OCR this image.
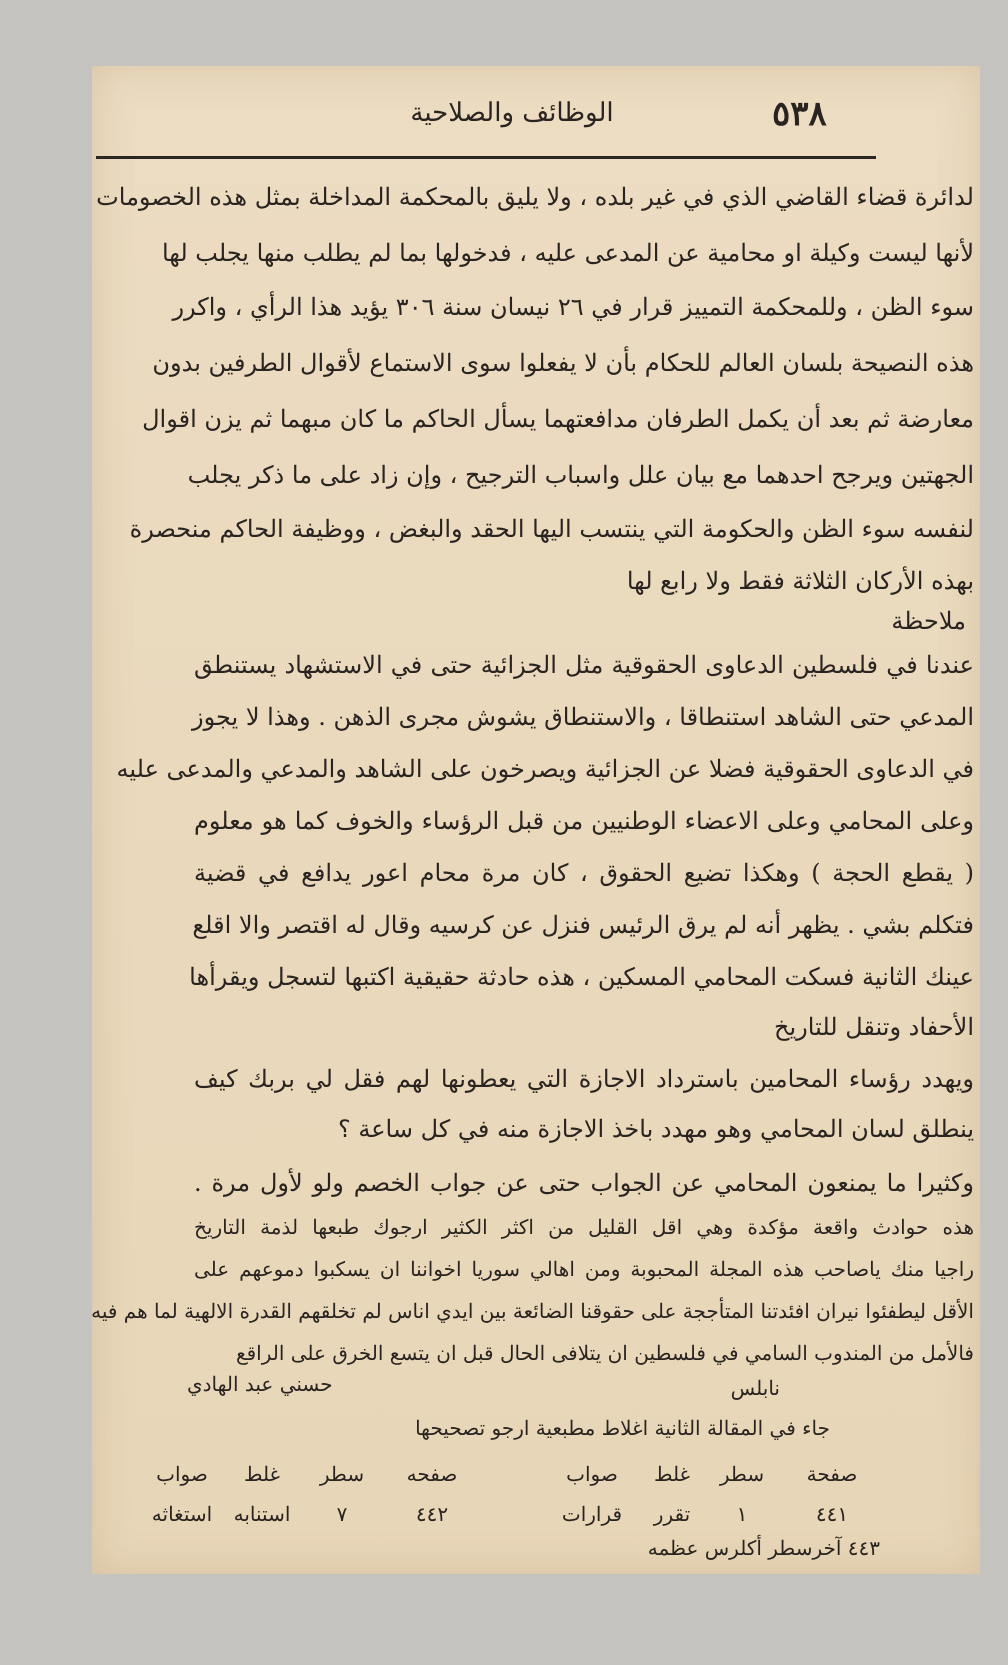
٥٣٨
الوظائف والصلاحية
لدائرة قضاء القاضي الذي في غير بلده ، ولا يليق بالمحكمة المداخلة بمثل هذه الخصومات
لأنها ليست وكيلة او محامية عن المدعى عليه ، فدخولها بما لم يطلب منها يجلب لها
سوء الظن ، وللمحكمة التمييز قرار في ٢٦ نيسان سنة ٣٠٦ يؤيد هذا الرأي ، واكرر
هذه النصيحة بلسان العالم للحكام بأن لا يفعلوا سوى الاستماع لأقوال الطرفين بدون
معارضة ثم بعد أن يكمل الطرفان مدافعتهما يسأل الحاكم ما كان مبهما ثم يزن اقوال
الجهتين ويرجح احدهما مع بيان علل واسباب الترجيح ، وإن زاد على ما ذكر يجلب
لنفسه سوء الظن والحكومة التي ينتسب اليها الحقد والبغض ، ووظيفة الحاكم منحصرة
بهذه الأركان الثلاثة فقط ولا رابع لها
ملاحظة
عندنا في فلسطين الدعاوى الحقوقية مثل الجزائية حتى في الاستشهاد يستنطق
المدعي حتى الشاهد استنطاقا ، والاستنطاق يشوش مجرى الذهن . وهذا لا يجوز
في الدعاوى الحقوقية فضلا عن الجزائية ويصرخون على الشاهد والمدعي والمدعى عليه
وعلى المحامي وعلى الاعضاء الوطنيين من قبل الرؤساء والخوف كما هو معلوم
( يقطع الحجة ) وهكذا تضيع الحقوق ، كان مرة محام اعور يدافع في قضية
فتكلم بشي . يظهر أنه لم يرق الرئيس فنزل عن كرسيه وقال له اقتصر والا اقلع
عينك الثانية فسكت المحامي المسكين ، هذه حادثة حقيقية اكتبها لتسجل ويقرأها
الأحفاد وتنقل للتاريخ
ويهدد رؤساء المحامين باسترداد الاجازة التي يعطونها لهم فقل لي بربك كيف
ينطلق لسان المحامي وهو مهدد باخذ الاجازة منه في كل ساعة ؟
وكثيرا ما يمنعون المحامي عن الجواب حتى عن جواب الخصم ولو لأول مرة .
هذه حوادث واقعة مؤكدة وهي اقل القليل من اكثر الكثير ارجوك طبعها لذمة التاريخ
راجيا منك ياصاحب هذه المجلة المحبوبة ومن اهالي سوريا اخواننا ان يسكبوا دموعهم على
الأقل ليطفئوا نيران افئدتنا المتأججة على حقوقنا الضائعة بين ايدي اناس لم تخلقهم القدرة الالهية لما هم فيه
فالأمل من المندوب السامي في فلسطين ان يتلافى الحال قبل ان يتسع الخرق على الراقع
نابلس
حسني عبد الهادي
جاء في المقالة الثانية اغلاط مطبعية ارجو تصحيحها
صفحة
سطر
غلط
صواب
صفحه
سطر
غلط
صواب
٤٤١
١
تقرر
قرارات
٤٤٢
٧
استنابه
استغاثه
٤٤٣ آخرسطر أكلرس عظمه
